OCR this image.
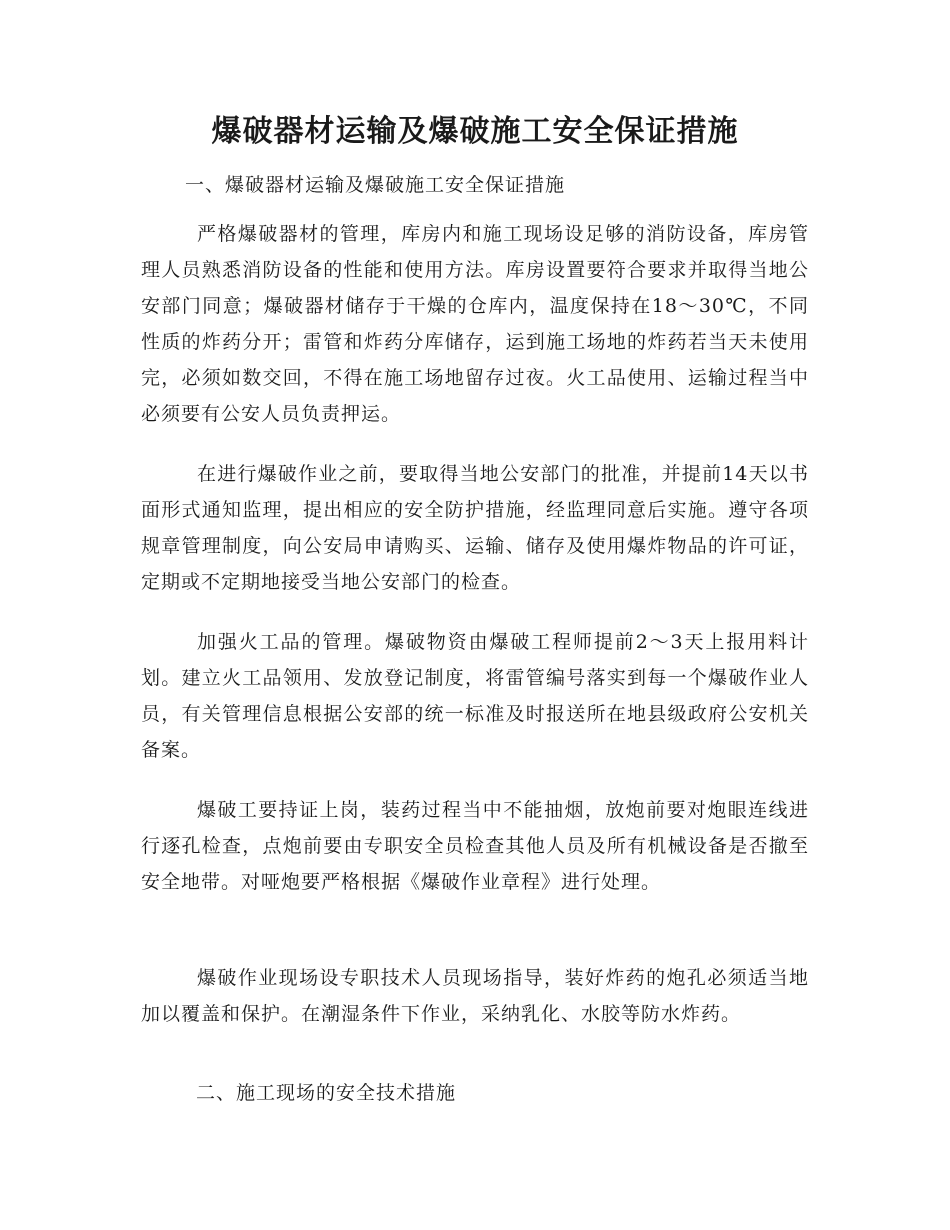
爆破器材运输及爆破施工安全保证措施
一、爆破器材运输及爆破施工安全保证措施
严格爆破器材的管理，库房内和施工现场设足够的消防设备，库房管理人员熟悉消防设备的性能和使用方法。库房设置要符合要求并取得当地公安部门同意；爆破器材储存于干燥的仓库内，温度保持在18～30℃，不同性质的炸药分开；雷管和炸药分库储存，运到施工场地的炸药若当天未使用完，必须如数交回，不得在施工场地留存过夜。火工品使用、运输过程当中必须要有公安人员负责押运。
在进行爆破作业之前，要取得当地公安部门的批准，并提前14天以书面形式通知监理，提出相应的安全防护措施，经监理同意后实施。遵守各项规章管理制度，向公安局申请购买、运输、储存及使用爆炸物品的许可证，定期或不定期地接受当地公安部门的检查。
加强火工品的管理。爆破物资由爆破工程师提前2～3天上报用料计划。建立火工品领用、发放登记制度，将雷管编号落实到每一个爆破作业人员，有关管理信息根据公安部的统一标准及时报送所在地县级政府公安机关备案。
爆破工要持证上岗，装药过程当中不能抽烟，放炮前要对炮眼连线进行逐孔检查，点炮前要由专职安全员检查其他人员及所有机械设备是否撤至安全地带。对哑炮要严格根据《爆破作业章程》进行处理。
爆破作业现场设专职技术人员现场指导，装好炸药的炮孔必须适当地加以覆盖和保护。在潮湿条件下作业，采纳乳化、水胶等防水炸药。
二、施工现场的安全技术措施
